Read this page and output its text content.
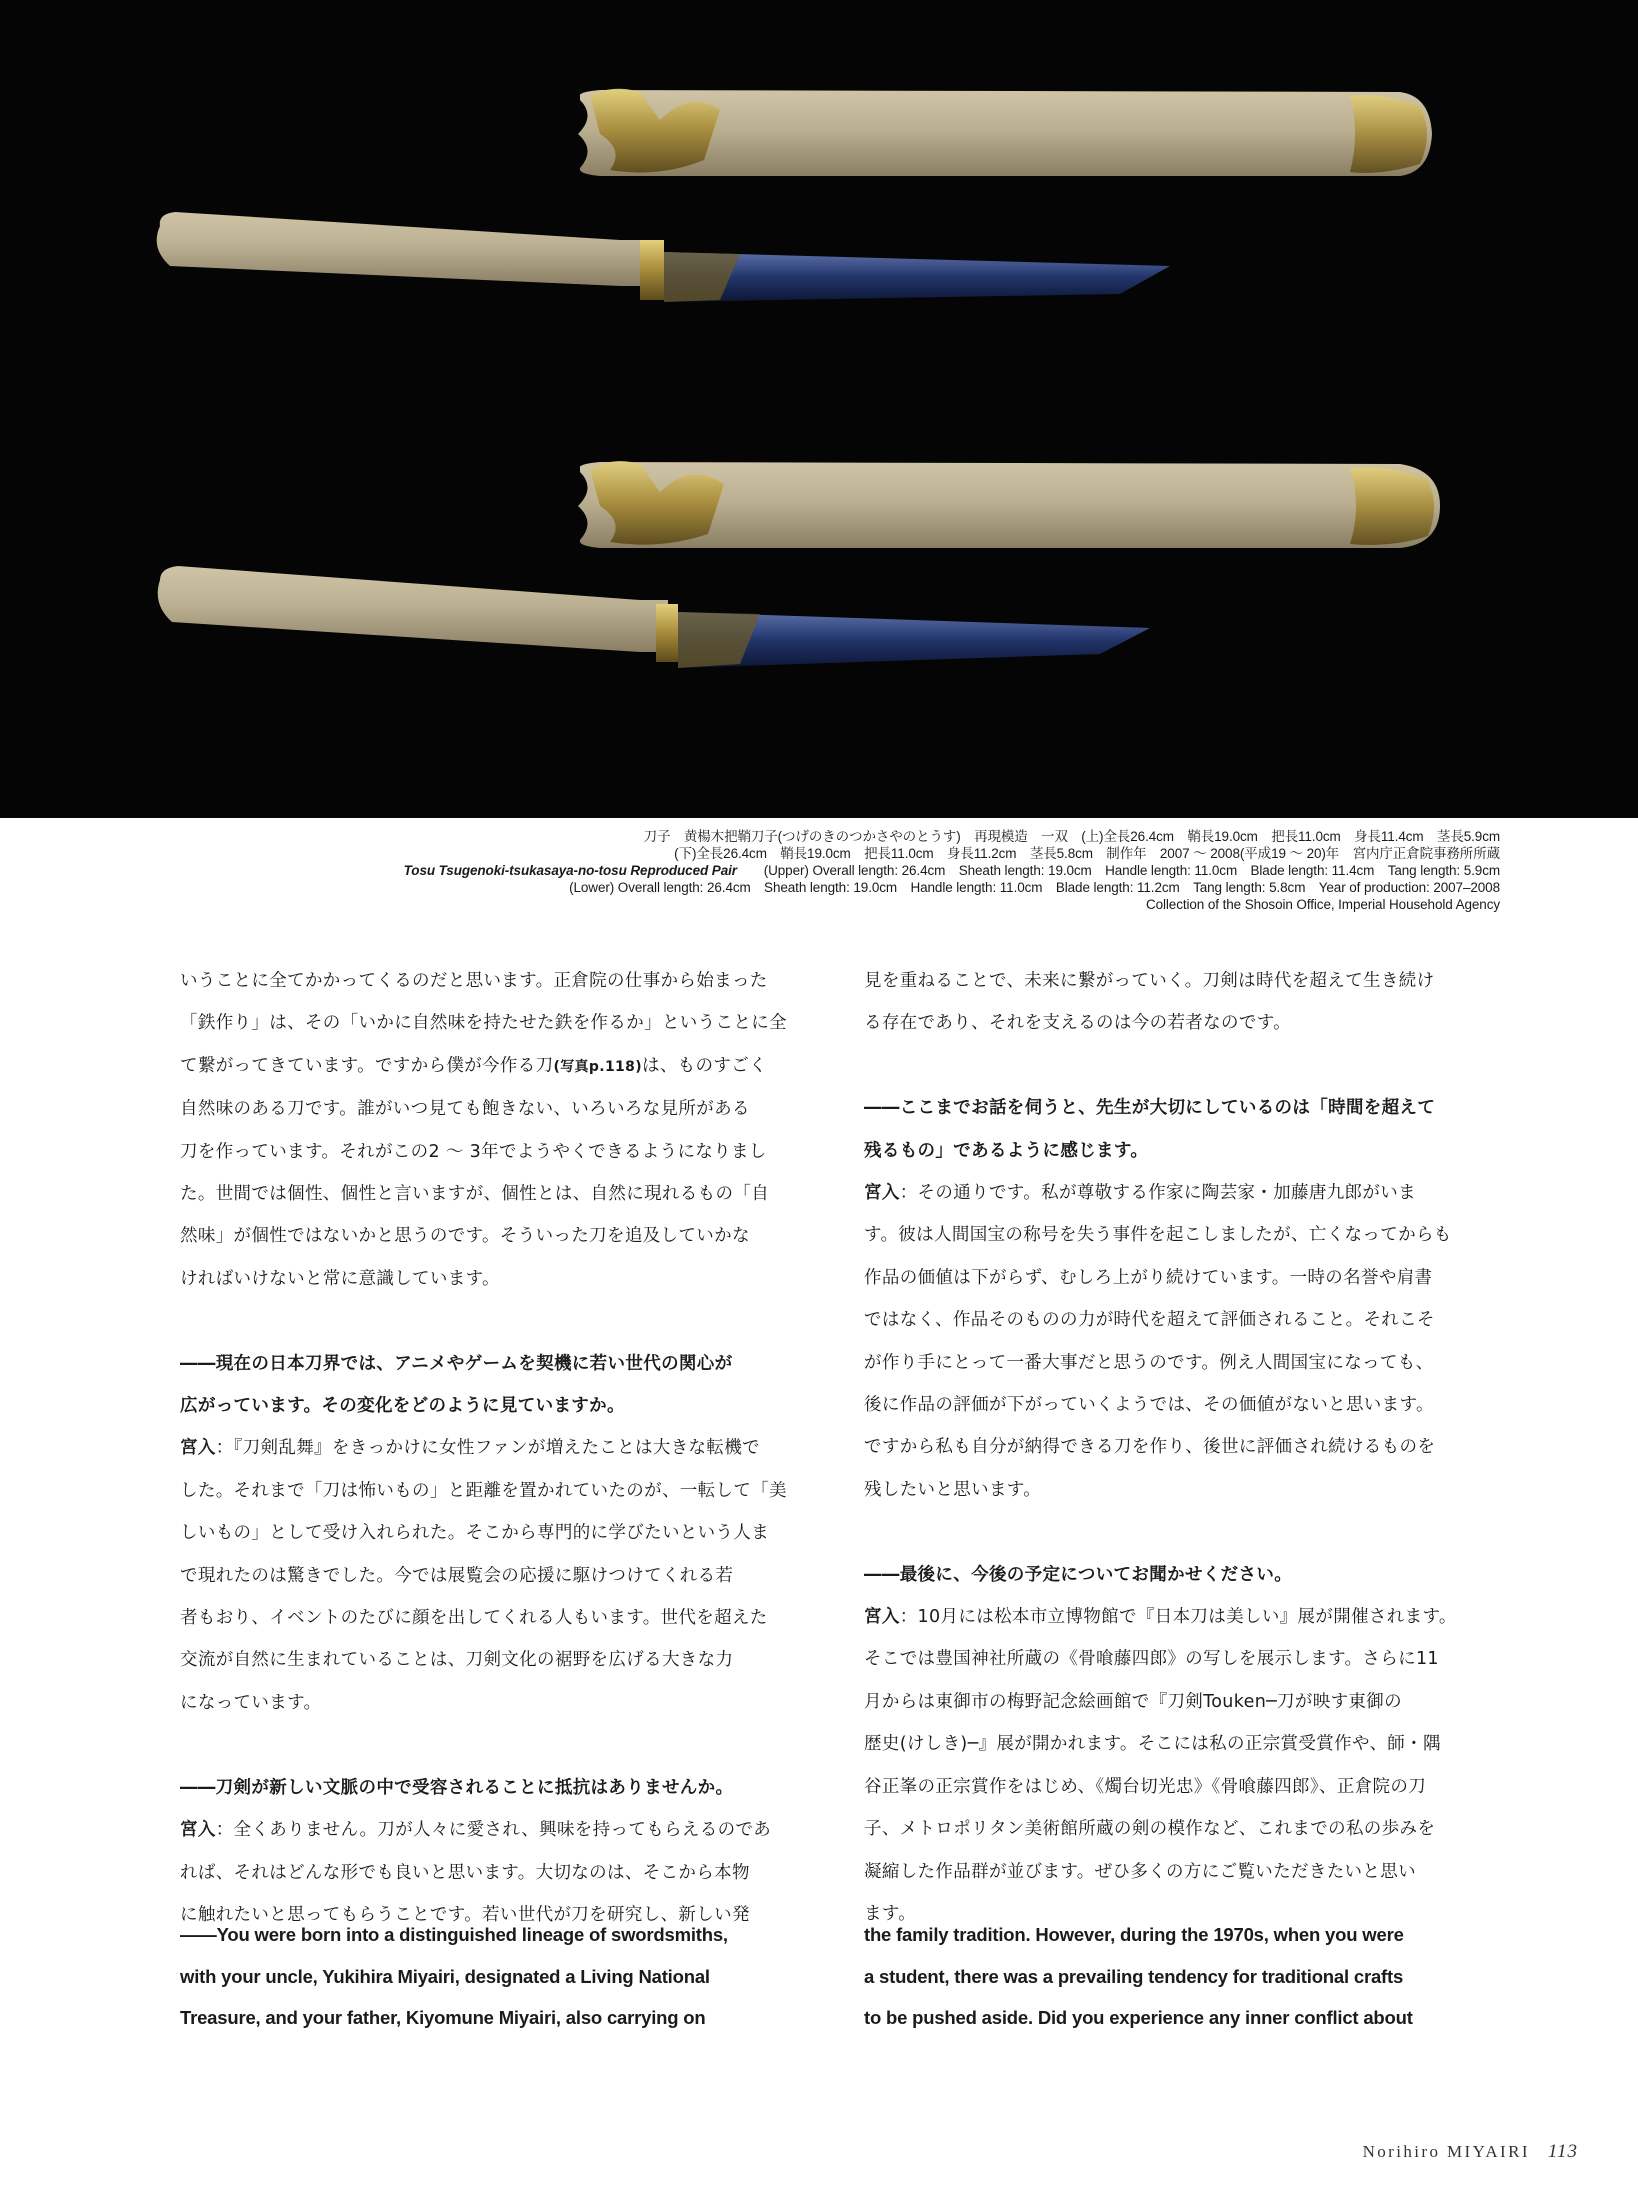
刀子　黄楊木把鞘刀子(つげのきのつかさやのとうす)　再現模造　一双　(上)全長26.4cm　鞘長19.0cm　把長11.0cm　身長11.4cm　茎長5.9cm
(下)全長26.4cm　鞘長19.0cm　把長11.0cm　身長11.2cm　茎長5.8cm　制作年　2007 ～ 2008(平成19 ～ 20)年　宮内庁正倉院事務所所蔵
Tosu Tsugenoki-tsukasaya-no-tosu Reproduced Pair　　 (Upper) Overall length: 26.4cm　Sheath length: 19.0cm　Handle length: 11.0cm　Blade length: 11.4cm　Tang length: 5.9cm
(Lower) Overall length: 26.4cm　Sheath length: 19.0cm　Handle length: 11.0cm　Blade length: 11.2cm　Tang length: 5.8cm　Year of production: 2007–2008
Collection of the Shosoin Office, Imperial Household Agency

いうことに全てかかってくるのだと思います。正倉院の仕事から始まった

「鉄作り」は、その「いかに自然味を持たせた鉄を作るか」ということに全

て繋がってきています。ですから僕が今作る刀(写真p.118)は、ものすごく

自然味のある刀です。誰がいつ見ても飽きない、いろいろな見所がある

刀を作っています。それがこの2 ～ 3年でようやくできるようになりまし

た。世間では個性、個性と言いますが、個性とは、自然に現れるもの「自

然味」が個性ではないかと思うのです。そういった刀を追及していかな

ければいけないと常に意識しています。

――現在の日本刀界では、アニメやゲームを契機に若い世代の関心が

広がっています。その変化をどのように見ていますか。

宮入：『刀剣乱舞』をきっかけに女性ファンが増えたことは大きな転機で

した。それまで「刀は怖いもの」と距離を置かれていたのが、一転して「美

しいもの」として受け入れられた。そこから専門的に学びたいという人ま

で現れたのは驚きでした。今では展覧会の応援に駆けつけてくれる若

者もおり、イベントのたびに顔を出してくれる人もいます。世代を超えた

交流が自然に生まれていることは、刀剣文化の裾野を広げる大きな力

になっています。

――刀剣が新しい文脈の中で受容されることに抵抗はありませんか。

宮入：全くありません。刀が人々に愛され、興味を持ってもらえるのであ

れば、それはどんな形でも良いと思います。大切なのは、そこから本物

に触れたいと思ってもらうことです。若い世代が刀を研究し、新しい発

見を重ねることで、未来に繋がっていく。刀剣は時代を超えて生き続け

る存在であり、それを支えるのは今の若者なのです。

――ここまでお話を伺うと、先生が大切にしているのは「時間を超えて

残るもの」であるように感じます。

宮入：その通りです。私が尊敬する作家に陶芸家・加藤唐九郎がいま

す。彼は人間国宝の称号を失う事件を起こしましたが、亡くなってからも

作品の価値は下がらず、むしろ上がり続けています。一時の名誉や肩書

ではなく、作品そのものの力が時代を超えて評価されること。それこそ

が作り手にとって一番大事だと思うのです。例え人間国宝になっても、

後に作品の評価が下がっていくようでは、その価値がないと思います。

ですから私も自分が納得できる刀を作り、後世に評価され続けるものを

残したいと思います。

――最後に、今後の予定についてお聞かせください。

宮入：10月には松本市立博物館で『日本刀は美しい』展が開催されます。

そこでは豊国神社所蔵の《骨喰藤四郎》の写しを展示します。さらに11

月からは東御市の梅野記念絵画館で『刀剣Touken─刀が映す東御の

歴史(けしき)─』展が開かれます。そこには私の正宗賞受賞作や、師・隅

谷正峯の正宗賞作をはじめ、《燭台切光忠》《骨喰藤四郎》、正倉院の刀

子、メトロポリタン美術館所蔵の剣の模作など、これまでの私の歩みを

凝縮した作品群が並びます。ぜひ多くの方にご覧いただきたいと思い

ます。

――You were born into a distinguished lineage of swordsmiths,

with your uncle, Yukihira Miyairi, designated a Living National

Treasure, and your father, Kiyomune Miyairi, also carrying on

the family tradition. However, during the 1970s, when you were

a student, there was a prevailing tendency for traditional crafts

to be pushed aside. Did you experience any inner conflict about

Norihiro MIYAIRI 113
